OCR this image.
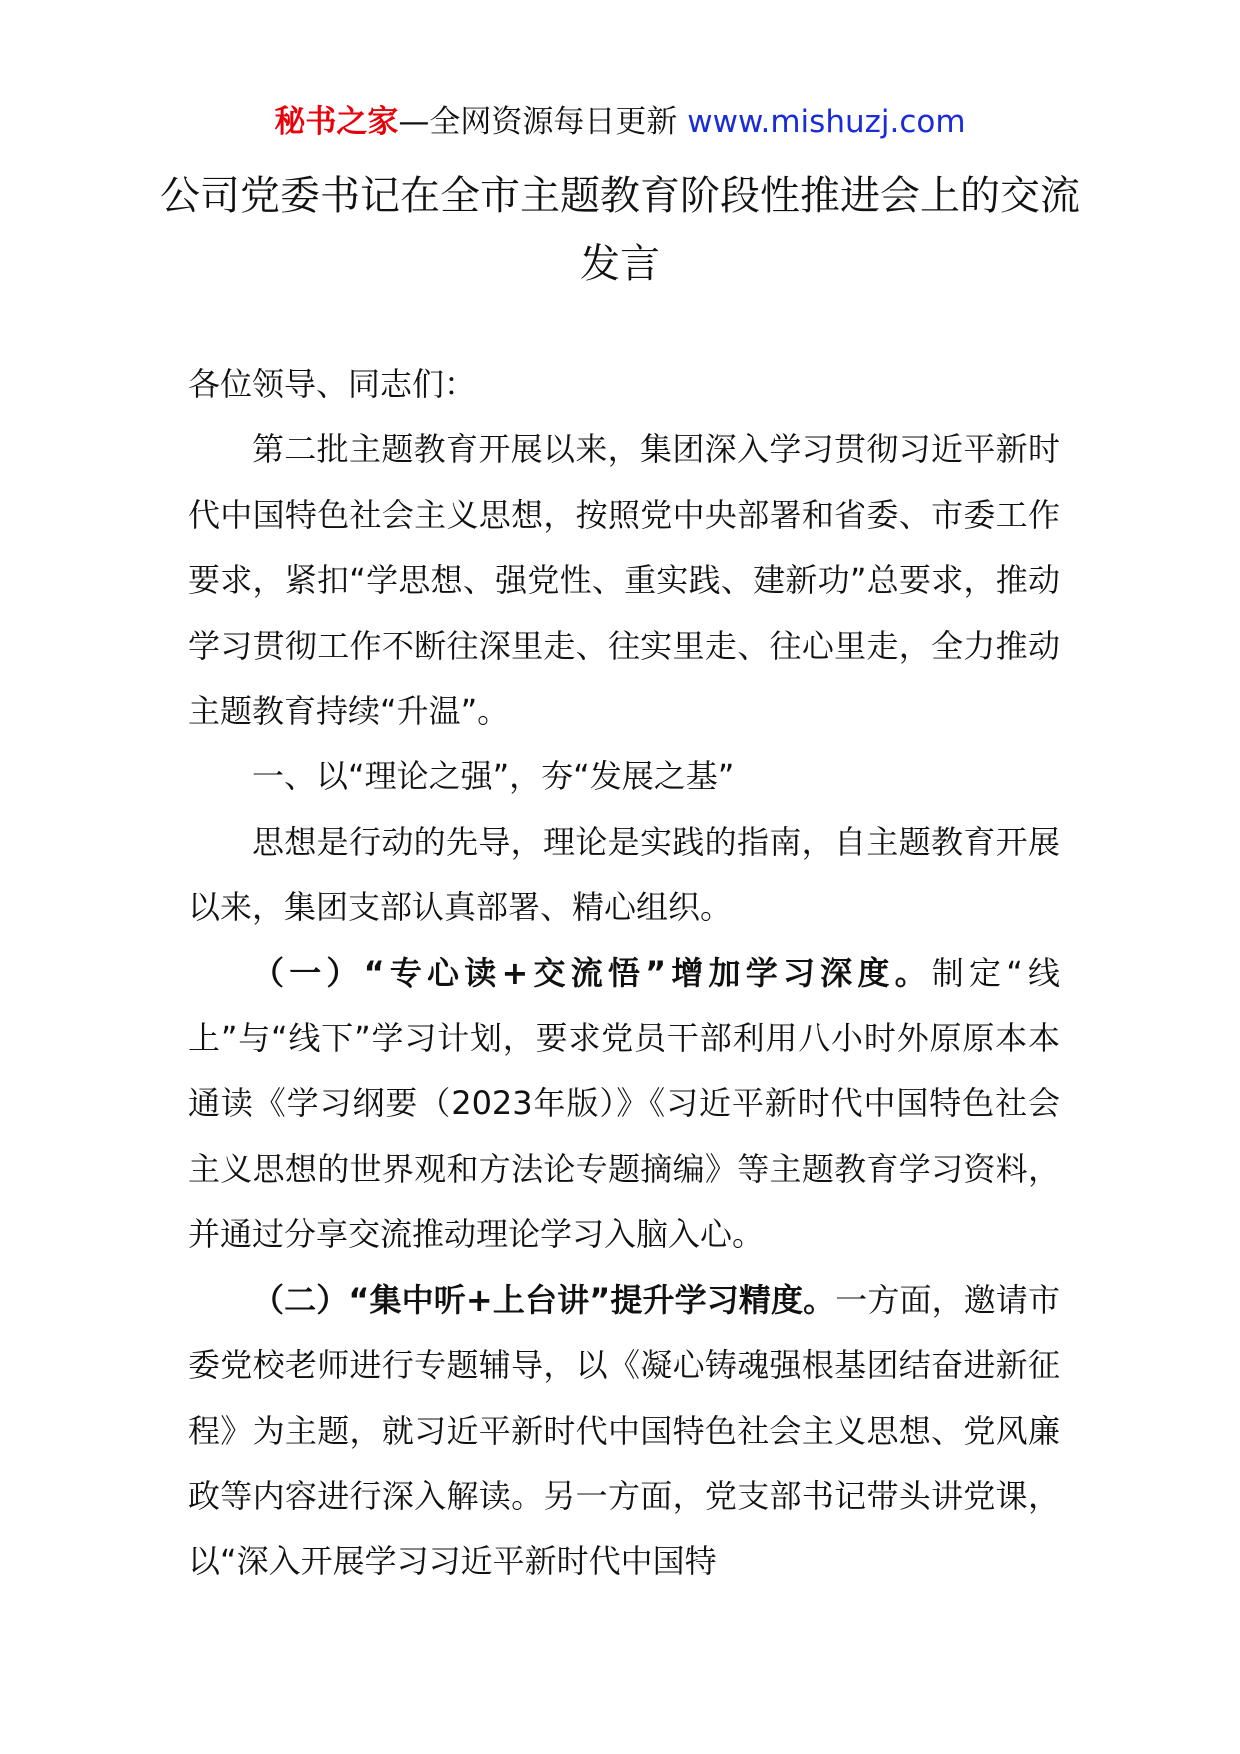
秘书之家—全网资源每日更新 www.mishuzj.com
公司党委书记在全市主题教育阶段性推进会上的交流发言

各位领导、同志们：

第二批主题教育开展以来，集团深入学习贯彻习近平新时代中国特色社会主义思想，按照党中央部署和省委、市委工作要求，紧扣“学思想、强党性、重实践、建新功”总要求，推动学习贯彻工作不断往深里走、往实里走、往心里走，全力推动主题教育持续“升温”。

一、以“理论之强”，夯“发展之基”

思想是行动的先导，理论是实践的指南，自主题教育开展以来，集团支部认真部署、精心组织。

（一）“专心读+交流悟”增加学习深度。制定“线上”与“线下”学习计划，要求党员干部利用八小时外原原本本通读《学习纲要（2023年版）》《习近平新时代中国特色社会主义思想的世界观和方法论专题摘编》等主题教育学习资料，并通过分享交流推动理论学习入脑入心。

（二）“集中听+上台讲”提升学习精度。一方面，邀请市委党校老师进行专题辅导，以《凝心铸魂强根基团结奋进新征程》为主题，就习近平新时代中国特色社会主义思想、党风廉政等内容进行深入解读。另一方面，党支部书记带头讲党课，以“深入开展学习习近平新时代中国特
